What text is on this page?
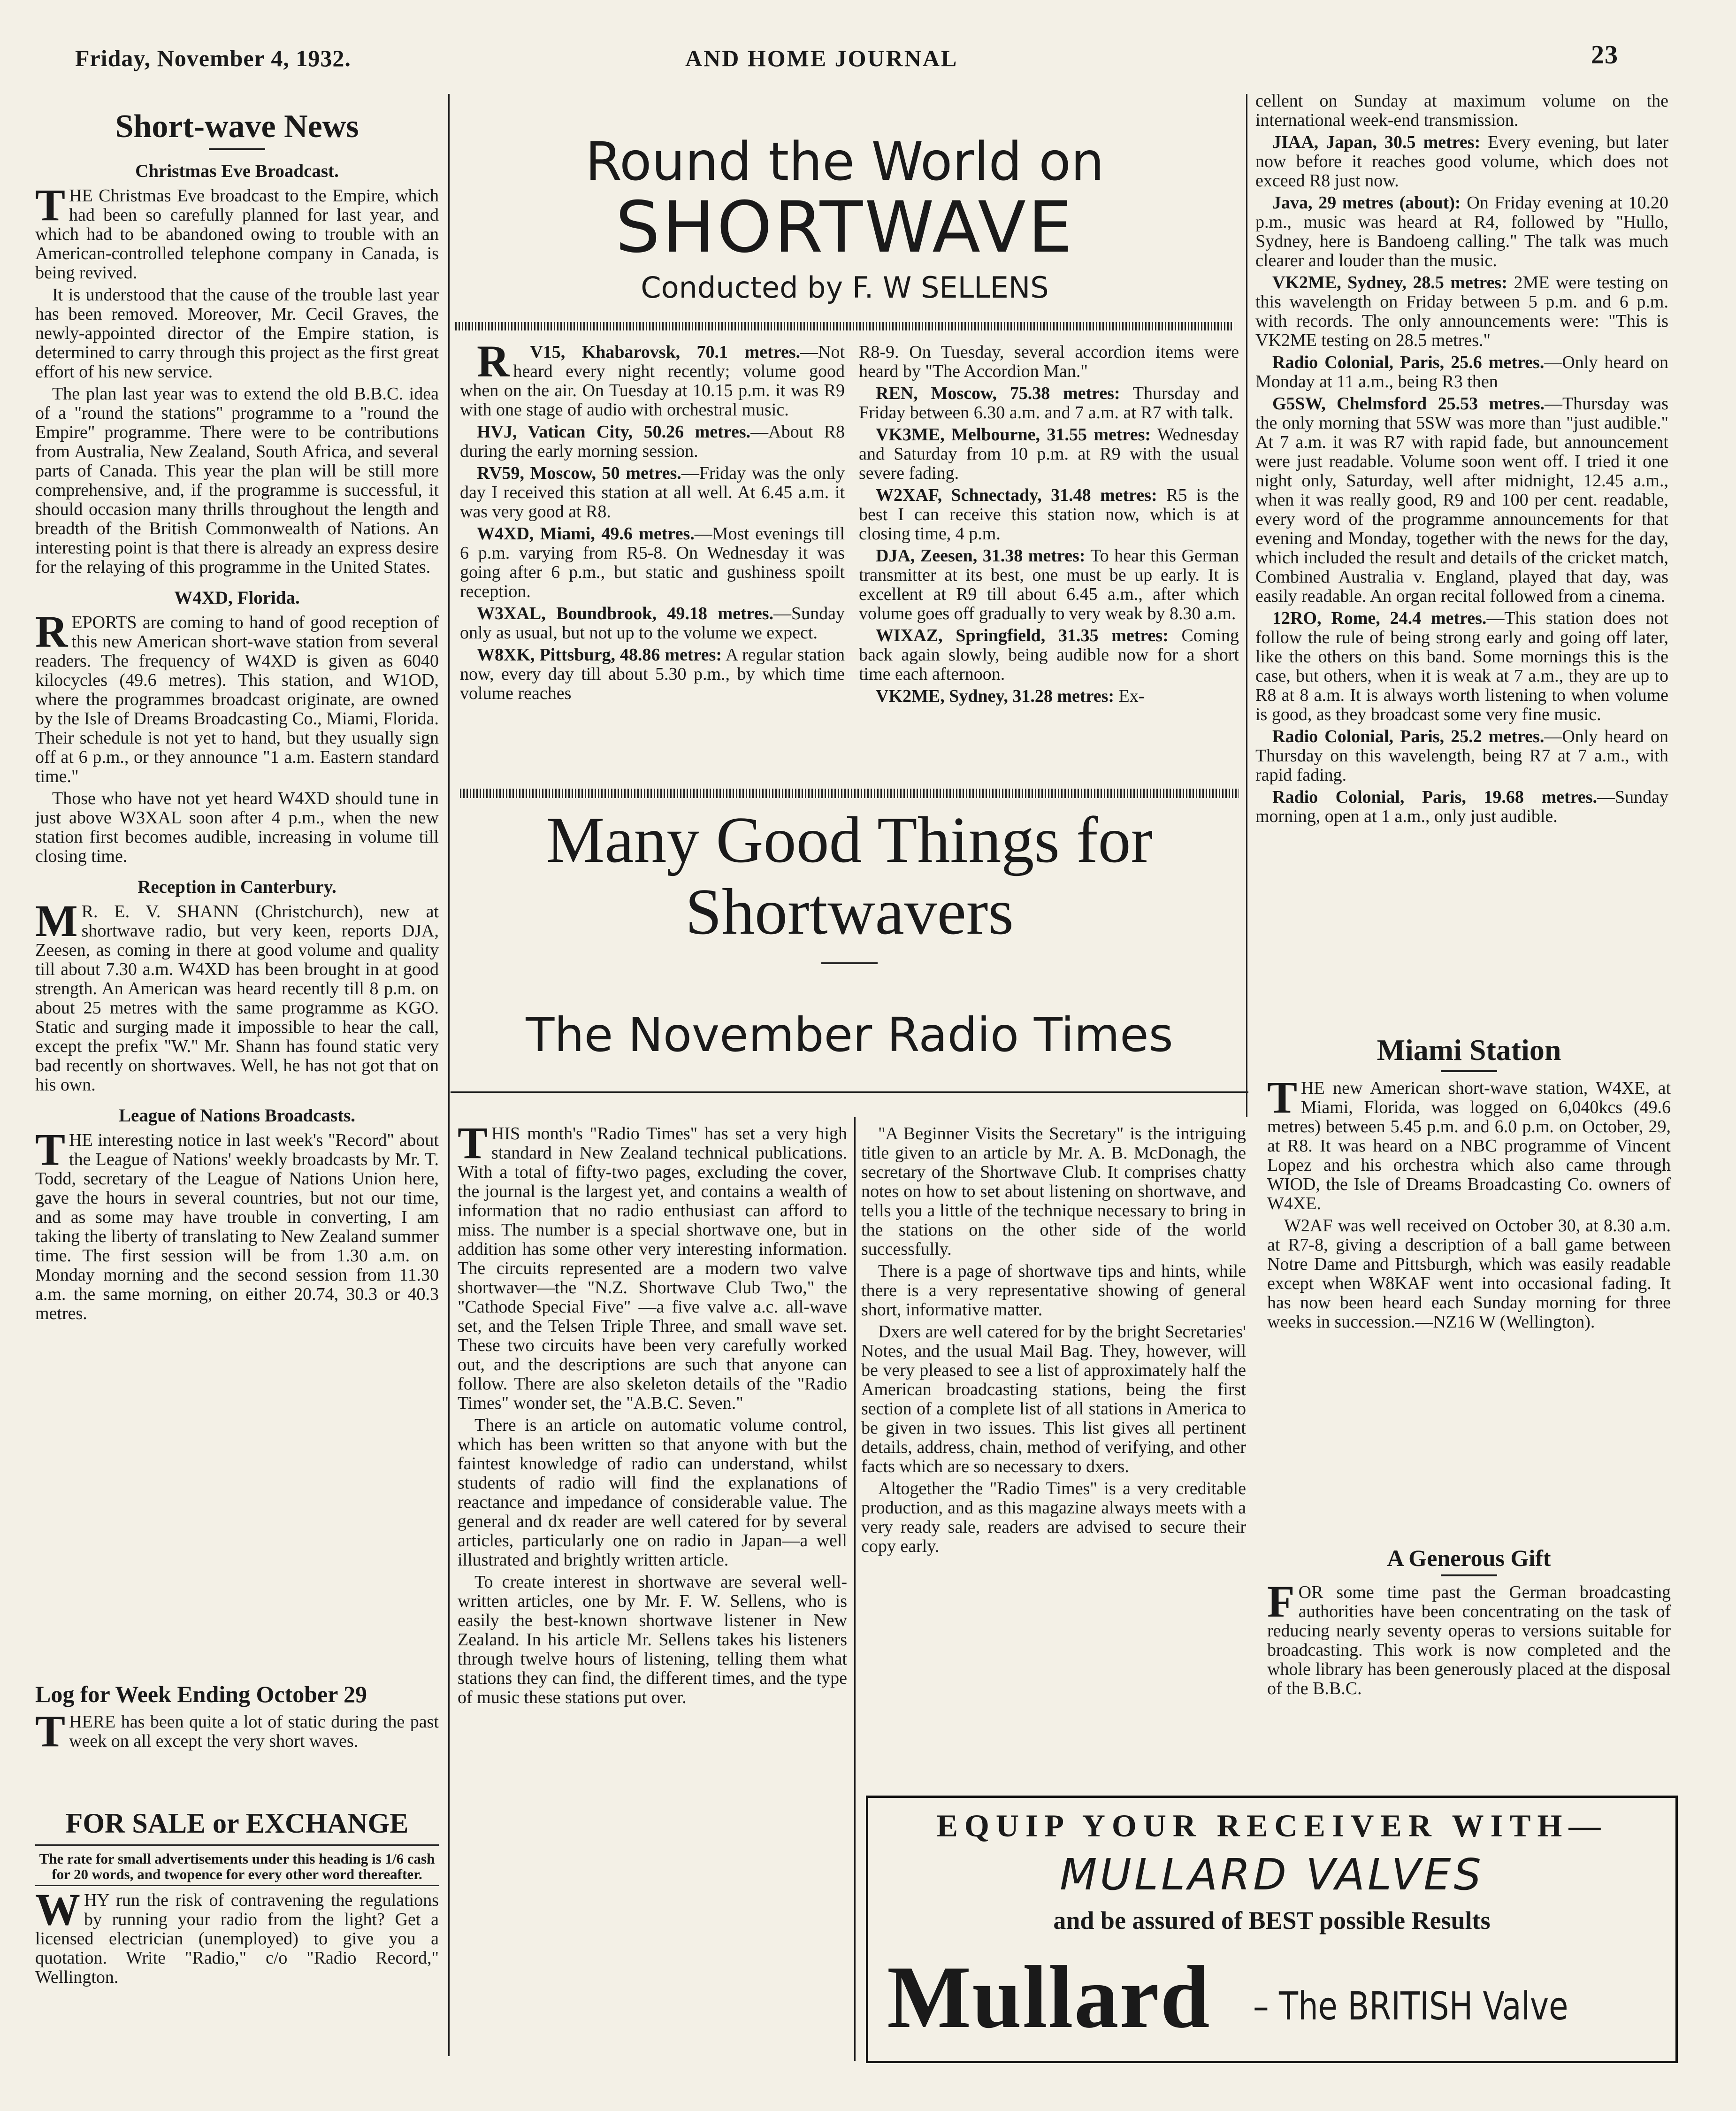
Friday, November 4, 1932.	AND HOME JOURNAL	23
Short-wave News
Christmas Eve Broadcast.

THE Christmas Eve broadcast to the Empire, which had been so carefully planned for last year, and which had to be abandoned owing to trouble with an American-controlled telephone company in Canada, is being revived.

It is understood that the cause of the trouble last year has been removed. Moreover, Mr. Cecil Graves, the newly-appointed director of the Empire station, is determined to carry through this project as the first great effort of his new service.

The plan last year was to extend the old B.B.C. idea of a "round the stations" programme to a "round the Empire" programme. There were to be contributions from Australia, New Zealand, South Africa, and several parts of Canada. This year the plan will be still more comprehensive, and, if the programme is successful, it should occasion many thrills throughout the length and breadth of the British Commonwealth of Nations. An interesting point is that there is already an express desire for the relaying of this programme in the United States.

W4XD, Florida.

REPORTS are coming to hand of good reception of this new American short-wave station from several readers. The frequency of W4XD is given as 6040 kilocycles (49.6 metres). This station, and W1OD, where the programmes broadcast originate, are owned by the Isle of Dreams Broadcasting Co., Miami, Florida. Their schedule is not yet to hand, but they usually sign off at 6 p.m., or they announce "1 a.m. Eastern standard time."

Those who have not yet heard W4XD should tune in just above W3XAL soon after 4 p.m., when the new station first becomes audible, increasing in volume till closing time.

Reception in Canterbury.

MR. E. V. SHANN (Christchurch), new at shortwave radio, but very keen, reports DJA, Zeesen, as coming in there at good volume and quality till about 7.30 a.m. W4XD has been brought in at good strength. An American was heard recently till 8 p.m. on about 25 metres with the same programme as KGO. Static and surging made it impossible to hear the call, except the prefix "W." Mr. Shann has found static very bad recently on shortwaves. Well, he has not got that on his own.

League of Nations Broadcasts.

THE interesting notice in last week's "Record" about the League of Nations' weekly broadcasts by Mr. T. Todd, secretary of the League of Nations Union here, gave the hours in several countries, but not our time, and as some may have trouble in converting, I am taking the liberty of translating to New Zealand summer time. The first session will be from 1.30 a.m. on Monday morning and the second session from 11.30 a.m. the same morning, on either 20.74, 30.3 or 40.3 metres.

Log for Week Ending October 29

THERE has been quite a lot of static during the past week on all except the very short waves.

FOR SALE or EXCHANGE

The rate for small advertisements under this heading is 1/6 cash for 20 words, and twopence for every other word thereafter.

WHY run the risk of contravening the regulations by running your radio from the light? Get a licensed electrician (unemployed) to give you a quotation. Write "Radio," c/o "Radio Record," Wellington.

Round the World on
SHORTWAVE
Conducted by F. W SELLENS

RV15, Khabarovsk, 70.1 metres.—Not heard every night recently; volume good when on the air. On Tuesday at 10.15 p.m. it was R9 with one stage of audio with orchestral music.

HVJ, Vatican City, 50.26 metres.—About R8 during the early morning session.

RV59, Moscow, 50 metres.—Friday was the only day I received this station at all well. At 6.45 a.m. it was very good at R8.

W4XD, Miami, 49.6 metres.—Most evenings till 6 p.m. varying from R5-8. On Wednesday it was going after 6 p.m., but static and gushiness spoilt reception.

W3XAL, Boundbrook, 49.18 metres.—Sunday only as usual, but not up to the volume we expect.

W8XK, Pittsburg, 48.86 metres: A regular station now, every day till about 5.30 p.m., by which time volume reaches

R8-9. On Tuesday, several accordion items were heard by "The Accordion Man."

REN, Moscow, 75.38 metres: Thursday and Friday between 6.30 a.m. and 7 a.m. at R7 with talk.

VK3ME, Melbourne, 31.55 metres: Wednesday and Saturday from 10 p.m. at R9 with the usual severe fading.

W2XAF, Schnectady, 31.48 metres: R5 is the best I can receive this station now, which is at closing time, 4 p.m.

DJA, Zeesen, 31.38 metres: To hear this German transmitter at its best, one must be up early. It is excellent at R9 till about 6.45 a.m., after which volume goes off gradually to very weak by 8.30 a.m.

WIXAZ, Springfield, 31.35 metres: Coming back again slowly, being audible now for a short time each afternoon.

VK2ME, Sydney, 31.28 metres: Ex-

cellent on Sunday at maximum volume on the international week-end transmission.

JIAA, Japan, 30.5 metres: Every evening, but later now before it reaches good volume, which does not exceed R8 just now.

Java, 29 metres (about): On Friday evening at 10.20 p.m., music was heard at R4, followed by "Hullo, Sydney, here is Bandoeng calling." The talk was much clearer and louder than the music.

VK2ME, Sydney, 28.5 metres: 2ME were testing on this wavelength on Friday between 5 p.m. and 6 p.m. with records. The only announcements were: "This is VK2ME testing on 28.5 metres."

Radio Colonial, Paris, 25.6 metres.—Only heard on Monday at 11 a.m., being R3 then

G5SW, Chelmsford 25.53 metres.—Thursday was the only morning that 5SW was more than "just audible." At 7 a.m. it was R7 with rapid fade, but announcement were just readable. Volume soon went off. I tried it one night only, Saturday, well after midnight, 12.45 a.m., when it was really good, R9 and 100 per cent. readable, every word of the programme announcements for that evening and Monday, together with the news for the day, which included the result and details of the cricket match, Combined Australia v. England, played that day, was easily readable. An organ recital followed from a cinema.

12RO, Rome, 24.4 metres.—This station does not follow the rule of being strong early and going off later, like the others on this band. Some mornings this is the case, but others, when it is weak at 7 a.m., they are up to R8 at 8 a.m. It is always worth listening to when volume is good, as they broadcast some very fine music.

Radio Colonial, Paris, 25.2 metres.—Only heard on Thursday on this wavelength, being R7 at 7 a.m., with rapid fading.

Radio Colonial, Paris, 19.68 metres.—Sunday morning, open at 1 a.m., only just audible.

Many Good Things for
Shortwavers
The November Radio Times

THIS month's "Radio Times" has set a very high standard in New Zealand technical publications. With a total of fifty-two pages, excluding the cover, the journal is the largest yet, and contains a wealth of information that no radio enthusiast can afford to miss. The number is a special shortwave one, but in addition has some other very interesting information. The circuits represented are a modern two valve shortwaver—the "N.Z. Shortwave Club Two," the "Cathode Special Five" —a five valve a.c. all-wave set, and the Telsen Triple Three, and small wave set. These two circuits have been very carefully worked out, and the descriptions are such that anyone can follow. There are also skeleton details of the "Radio Times" wonder set, the "A.B.C. Seven."

There is an article on automatic volume control, which has been written so that anyone with but the faintest knowledge of radio can understand, whilst students of radio will find the explanations of reactance and impedance of considerable value. The general and dx reader are well catered for by several articles, particularly one on radio in Japan—a well illustrated and brightly written article.

To create interest in shortwave are several well-written articles, one by Mr. F. W. Sellens, who is easily the best-known shortwave listener in New Zealand. In his article Mr. Sellens takes his listeners through twelve hours of listening, telling them what stations they can find, the different times, and the type of music these stations put over.

"A Beginner Visits the Secretary" is the intriguing title given to an article by Mr. A. B. McDonagh, the secretary of the Shortwave Club. It comprises chatty notes on how to set about listening on shortwave, and tells you a little of the technique necessary to bring in the stations on the other side of the world successfully.

There is a page of shortwave tips and hints, while there is a very representative showing of general short, informative matter.

Dxers are well catered for by the bright Secretaries' Notes, and the usual Mail Bag. They, however, will be very pleased to see a list of approximately half the American broadcasting stations, being the first section of a complete list of all stations in America to be given in two issues. This list gives all pertinent details, address, chain, method of verifying, and other facts which are so necessary to dxers.

Altogether the "Radio Times" is a very creditable production, and as this magazine always meets with a very ready sale, readers are advised to secure their copy early.

Miami Station

THE new American short-wave station, W4XE, at Miami, Florida, was logged on 6,040kcs (49.6 metres) between 5.45 p.m. and 6.0 p.m. on October, 29, at R8. It was heard on a NBC programme of Vincent Lopez and his orchestra which also came through WIOD, the Isle of Dreams Broadcasting Co. owners of W4XE.

W2AF was well received on October 30, at 8.30 a.m. at R7-8, giving a description of a ball game between Notre Dame and Pittsburgh, which was easily readable except when W8KAF went into occasional fading. It has now been heard each Sunday morning for three weeks in succession.—NZ16 W (Wellington).

A Generous Gift

FOR some time past the German broadcasting authorities have been concentrating on the task of reducing nearly seventy operas to versions suitable for broadcasting. This work is now completed and the whole library has been generously placed at the disposal of the B.B.C.

EQUIP YOUR RECEIVER WITH—
MULLARD VALVES
and be assured of BEST possible Results
Mullard – The BRITISH Valve
